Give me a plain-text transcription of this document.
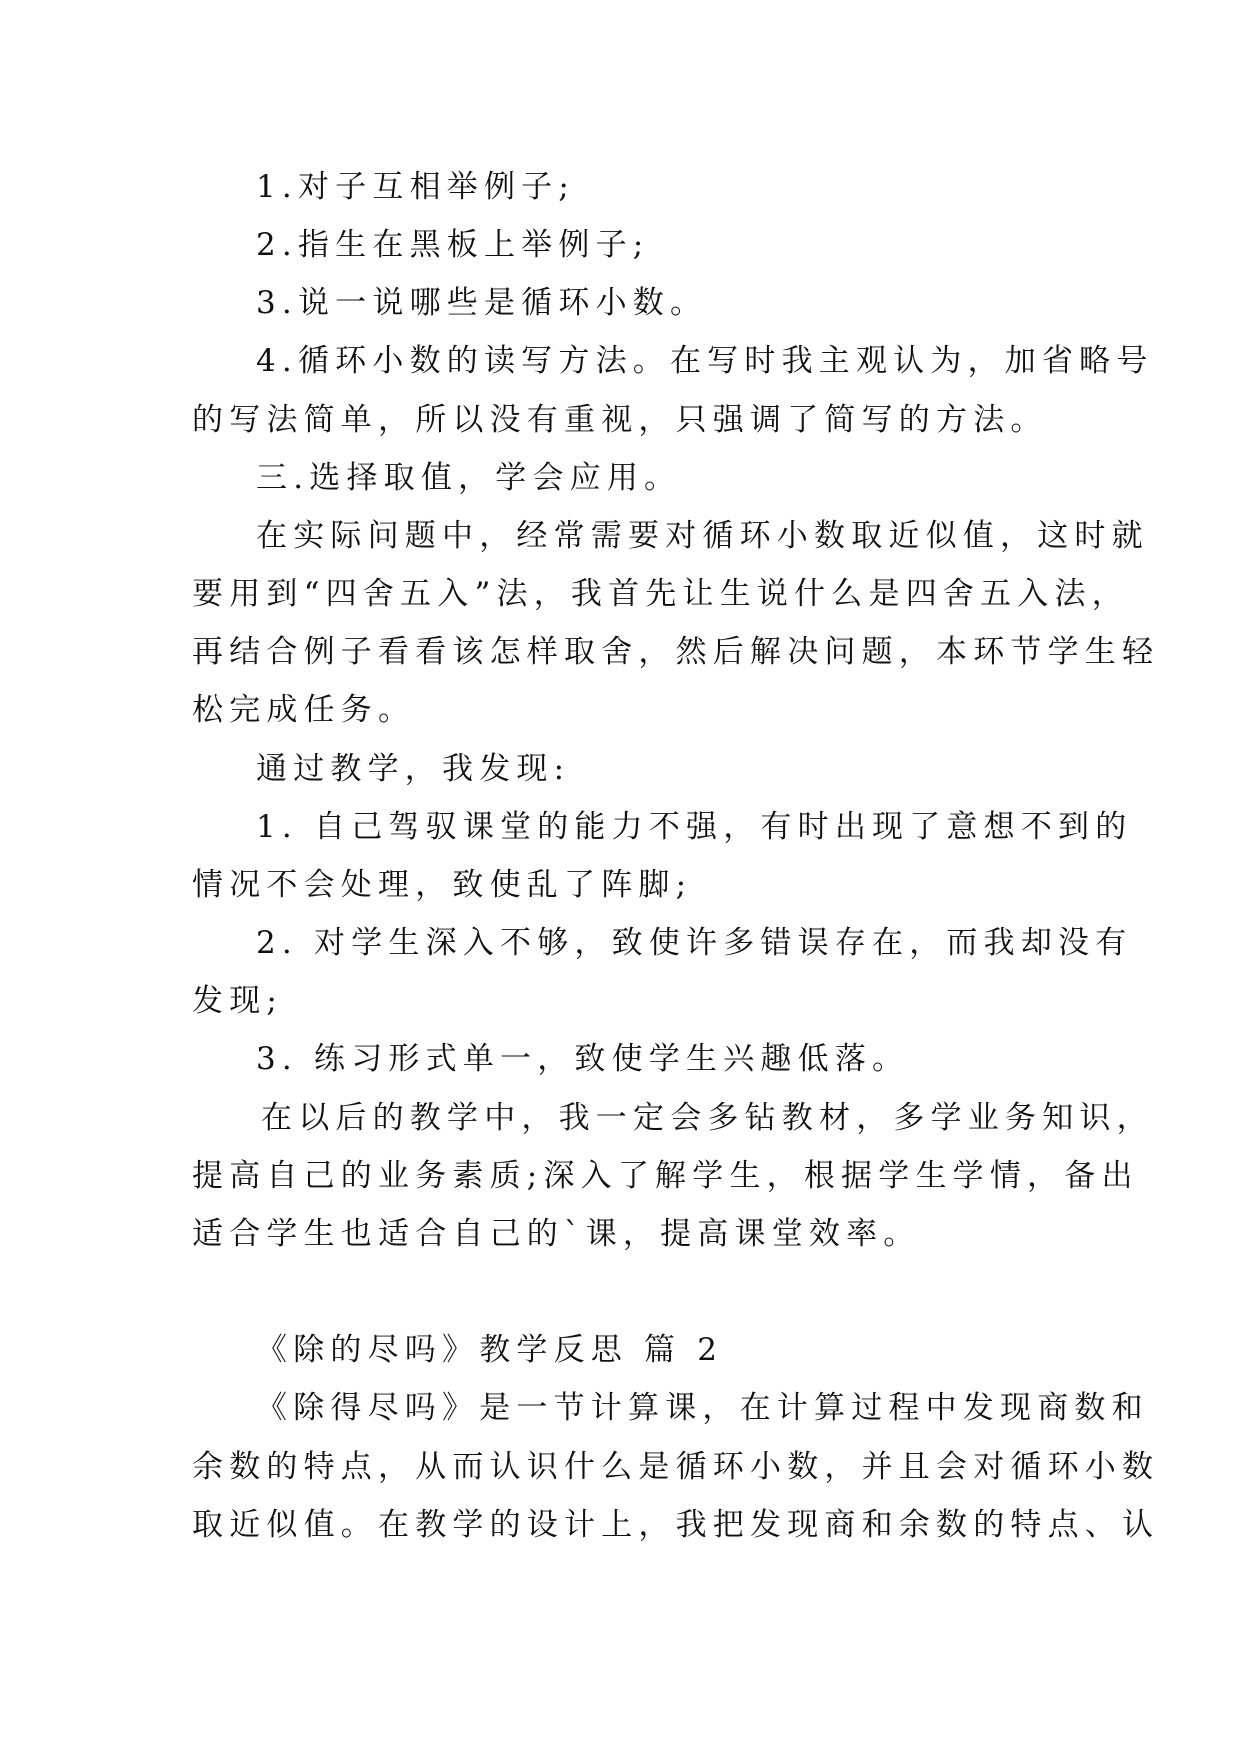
1.对子互相举例子;
2.指生在黑板上举例子;
3.说一说哪些是循环小数。
4.循环小数的读写方法。在写时我主观认为，加省略号
的写法简单，所以没有重视，只强调了简写的方法。
三.选择取值，学会应用。
在实际问题中，经常需要对循环小数取近似值，这时就
要用到“四舍五入”法，我首先让生说什么是四舍五入法，
再结合例子看看该怎样取舍，然后解决问题，本环节学生轻
松完成任务。
通过教学，我发现:
1. 自己驾驭课堂的能力不强，有时出现了意想不到的
情况不会处理，致使乱了阵脚;
2. 对学生深入不够，致使许多错误存在，而我却没有
发现;
3. 练习形式单一，致使学生兴趣低落。
在以后的教学中，我一定会多钻教材，多学业务知识，
提高自己的业务素质;深入了解学生，根据学生学情，备出
适合学生也适合自己的`课，提高课堂效率。
《除的尽吗》教学反思 篇 2
《除得尽吗》是一节计算课，在计算过程中发现商数和
余数的特点，从而认识什么是循环小数，并且会对循环小数
取近似值。在教学的设计上，我把发现商和余数的特点、认
